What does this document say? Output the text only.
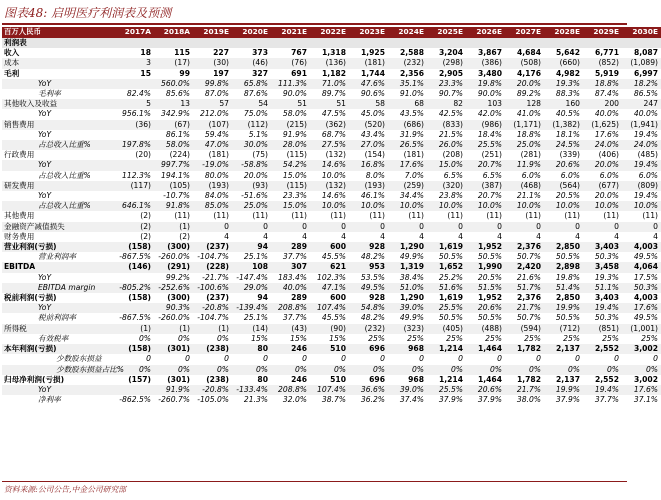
图表48: 启明医疗利润表及预测
百万人民币	2017A	2018A	2019E	2020E	2021E	2022E	2023E	2024E	2025E	2026E	2027E	2028E	2029E	2030E
利润表														
收入	18	115	227	373	767	1,318	1,925	2,588	3,204	3,867	4,684	5,642	6,771	8,087
成本	3	(17)	(30)	(46)	(76)	(136)	(181)	(232)	(298)	(386)	(508)	(660)	(852)	(1,089)
毛利	15	99	197	327	691	1,182	1,744	2,356	2,905	3,480	4,176	4,982	5,919	6,997
YoY		560.0%	99.8%	65.8%	111.3%	71.0%	47.6%	35.1%	23.3%	19.8%	20.0%	19.3%	18.8%	18.2%
毛利率	82.4%	85.6%	87.0%	87.6%	90.0%	89.7%	90.6%	91.0%	90.7%	90.0%	89.2%	88.3%	87.4%	86.5%
其他收入及收益	5	13	57	54	51	51	58	68	82	103	128	160	200	247
YoY	956.1%	342.9%	212.0%	75.0%	58.0%	47.5%	45.0%	43.5%	42.5%	42.0%	41.0%	40.5%	40.0%	40.0%
销售费用	(36)	(67)	(107)	(112)	(215)	(362)	(520)	(686)	(833)	(986)	(1,171)	(1,382)	(1,625)	(1,941)
YoY		86.1%	59.4%	5.1%	91.9%	68.7%	43.4%	31.9%	21.5%	18.4%	18.8%	18.1%	17.6%	19.4%
占总收入比重%	197.8%	58.0%	47.0%	30.0%	28.0%	27.5%	27.0%	26.5%	26.0%	25.5%	25.0%	24.5%	24.0%	24.0%
行政费用	(20)	(224)	(181)	(75)	(115)	(132)	(154)	(181)	(208)	(251)	(281)	(339)	(406)	(485)
YoY		997.7%	-19.0%	-58.8%	54.2%	14.6%	16.8%	17.6%	15.0%	20.7%	11.9%	20.6%	20.0%	19.4%
占总收入比重%	112.3%	194.1%	80.0%	20.0%	15.0%	10.0%	8.0%	7.0%	6.5%	6.5%	6.0%	6.0%	6.0%	6.0%
研发费用	(117)	(105)	(193)	(93)	(115)	(132)	(193)	(259)	(320)	(387)	(468)	(564)	(677)	(809)
YoY		-10.7%	84.0%	-51.6%	23.3%	14.6%	46.1%	34.4%	23.8%	20.7%	21.1%	20.5%	20.0%	19.4%
占总收入比重%	646.1%	91.8%	85.0%	25.0%	15.0%	10.0%	10.0%	10.0%	10.0%	10.0%	10.0%	10.0%	10.0%	10.0%
其他费用	(2)	(11)	(11)	(11)	(11)	(11)	(11)	(11)	(11)	(11)	(11)	(11)	(11)	(11)
金融资产减值损失	(2)	(1)	0	0	0	0	0	0	0	0	0	0	0	0
财务费用	(2)	(2)	4	4	4	4	4	4	4	4	4	4	4	4
营业利润(亏损)	(158)	(300)	(237)	94	289	600	928	1,290	1,619	1,952	2,376	2,850	3,403	4,003
营业利润率	-867.5%	-260.0%	-104.7%	25.1%	37.7%	45.5%	48.2%	49.9%	50.5%	50.5%	50.7%	50.5%	50.3%	49.5%
EBITDA	(146)	(291)	(228)	108	307	621	953	1,319	1,652	1,990	2,420	2,898	3,458	4,064
YoY		99.2%	-21.7%	-147.4%	183.4%	102.3%	53.5%	38.4%	25.2%	20.5%	21.6%	19.8%	19.3%	17.5%
EBITDA margin	-805.2%	-252.6%	-100.6%	29.0%	40.0%	47.1%	49.5%	51.0%	51.6%	51.5%	51.7%	51.4%	51.1%	50.3%
税前利润(亏损)	(158)	(300)	(237)	94	289	600	928	1,290	1,619	1,952	2,376	2,850	3,403	4,003
YoY		90.3%	-20.8%	-139.4%	208.8%	107.4%	54.8%	39.0%	25.5%	20.6%	21.7%	19.9%	19.4%	17.6%
税前利润率	-867.5%	-260.0%	-104.7%	25.1%	37.7%	45.5%	48.2%	49.9%	50.5%	50.5%	50.7%	50.5%	50.3%	49.5%
所得税	(1)	(1)	(1)	(14)	(43)	(90)	(232)	(323)	(405)	(488)	(594)	(712)	(851)	(1,001)
有效税率	0%	0%	0%	15%	15%	15%	25%	25%	25%	25%	25%	25%	25%	25%
本年利润(亏损)	(158)	(301)	(238)	80	246	510	696	968	1,214	1,464	1,782	2,137	2,552	3,002
少数股东损益	0	0	0	0	0	0	0	0	0	0	0	0	0	0
少数股东损益占比%	0%	0%	0%	0%	0%	0%	0%	0%	0%	0%	0%	0%	0%	0%
归母净利润(亏损)	(157)	(301)	(238)	80	246	510	696	968	1,214	1,464	1,782	2,137	2,552	3,002
YoY		91.9%	-20.8%	-133.4%	208.8%	107.4%	36.6%	39.0%	25.5%	20.6%	21.7%	19.9%	19.4%	17.6%
净利率	-862.5%	-260.7%	-105.0%	21.3%	32.0%	38.7%	36.2%	37.4%	37.9%	37.9%	38.0%	37.9%	37.7%	37.1%
资料来源:公司公告,中金公司研究部
